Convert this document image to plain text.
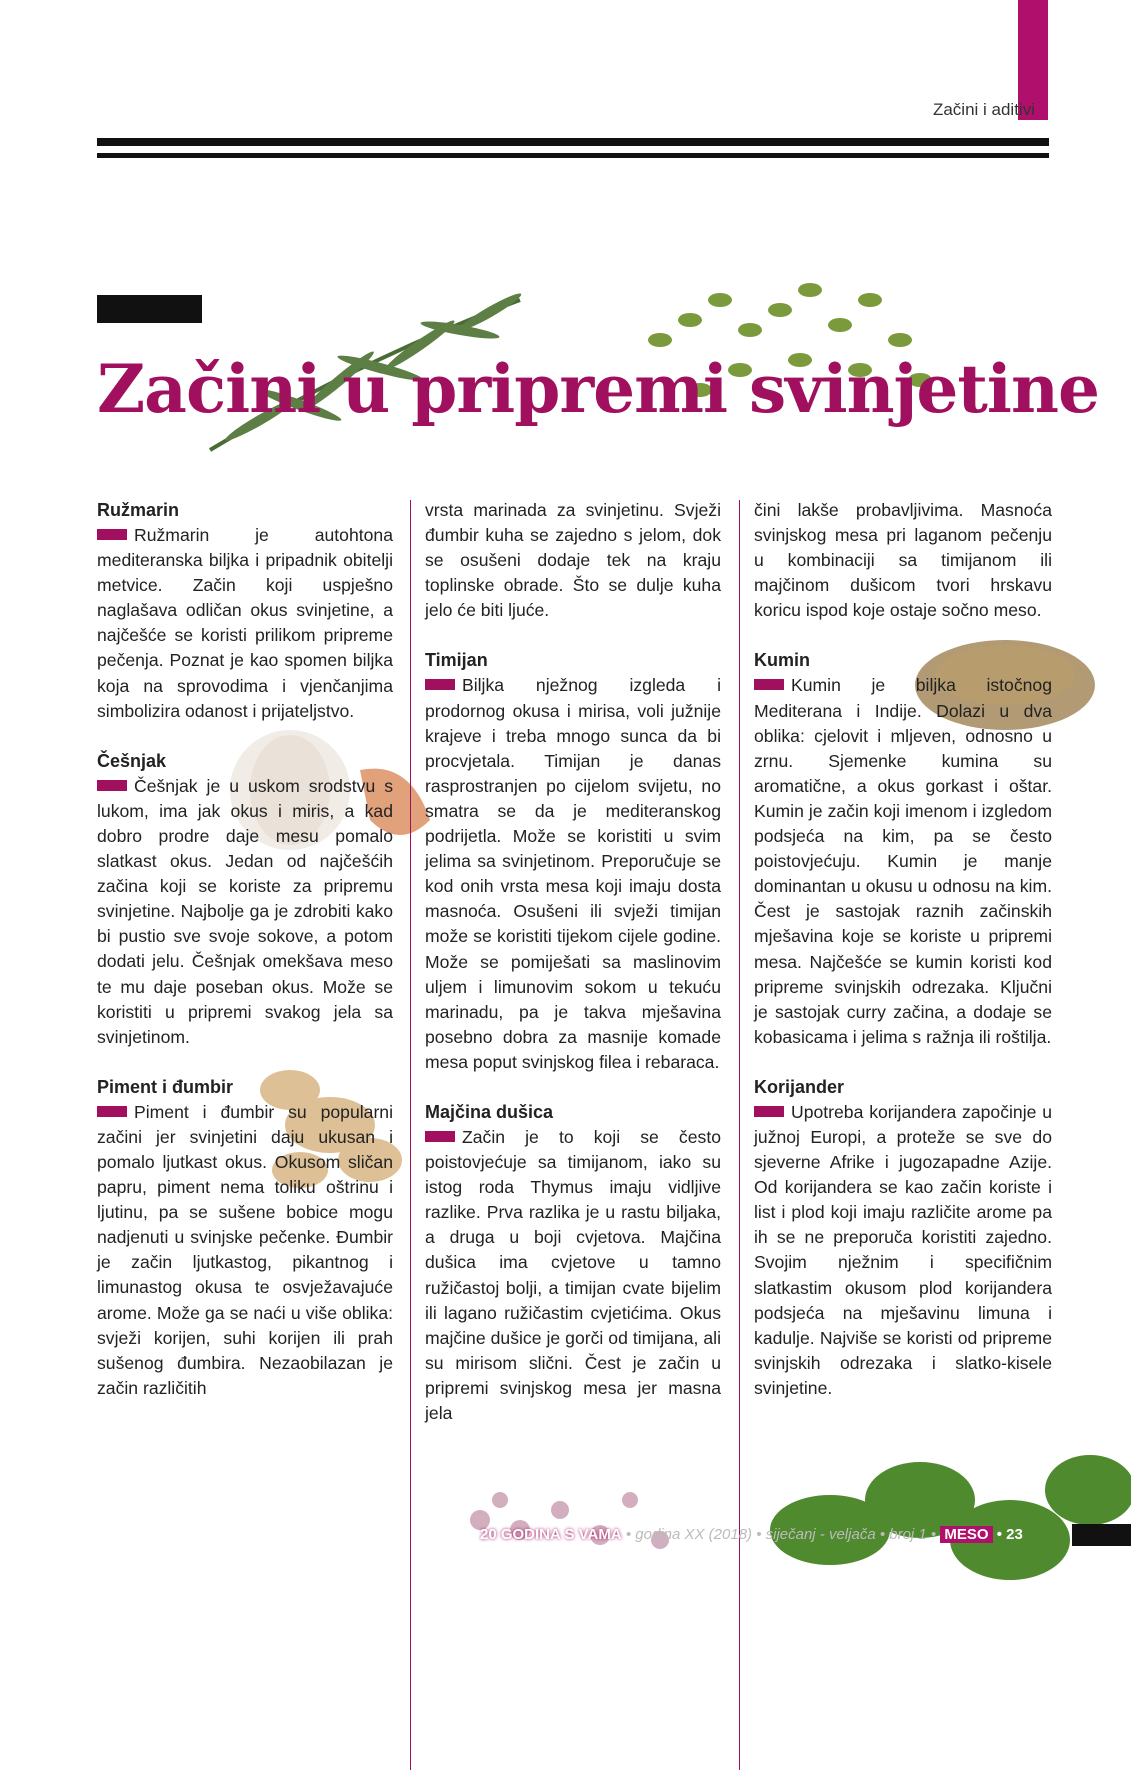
Začini i aditivi
Začini u pripremi svinjetine
Ružmarin

Ružmarin je autohtona mediteranska biljka i pripadnik obitelji metvice. Začin koji uspješno naglašava odličan okus svinjetine, a najčešće se koristi prilikom pripreme pečenja. Poznat je kao spomen biljka koja na sprovodima i vjenčanjima simbolizira odanost i prijateljstvo.

Češnjak

Češnjak je u uskom srodstvu s lukom, ima jak okus i miris, a kad dobro prodre daje mesu pomalo slatkast okus. Jedan od najčešćih začina koji se koriste za pripremu svinjetine. Najbolje ga je zdrobiti kako bi pustio sve svoje sokove, a potom dodati jelu. Češnjak omekšava meso te mu daje poseban okus. Može se koristiti u pripremi svakog jela sa svinjetinom.

Piment i đumbir

Piment i đumbir su popularni začini jer svinjetini daju ukusan i pomalo ljutkast okus. Okusom sličan papru, piment nema toliku oštrinu i ljutinu, pa se sušene bobice mogu nadjenuti u svinjske pečenke. Đumbir je začin ljutkastog, pikantnog i limunastog okusa te osvježavajuće arome. Može ga se naći u više oblika: svježi korijen, suhi korijen ili prah sušenog đumbira. Nezaobilazan je začin različitih

vrsta marinada za svinjetinu. Svježi đumbir kuha se zajedno s jelom, dok se osušeni dodaje tek na kraju toplinske obrade. Što se dulje kuha jelo će biti ljuće.

Timijan

Biljka nježnog izgleda i prodornog okusa i mirisa, voli južnije krajeve i treba mnogo sunca da bi procvjetala. Timijan je danas rasprostranjen po cijelom svijetu, no smatra se da je mediteranskog podrijetla. Može se koristiti u svim jelima sa svinjetinom. Preporučuje se kod onih vrsta mesa koji imaju dosta masnoća. Osušeni ili svježi timijan može se koristiti tijekom cijele godine. Može se pomiješati sa maslinovim uljem i limunovim sokom u tekuću marinadu, pa je takva mješavina posebno dobra za masnije komade mesa poput svinjskog filea i rebaraca.

Majčina dušica

Začin je to koji se često poistovjećuje sa timijanom, iako su istog roda Thymus imaju vidljive razlike. Prva razlika je u rastu biljaka, a druga u boji cvjetova. Majčina dušica ima cvjetove u tamno ružičastoj bolji, a timijan cvate bijelim ili lagano ružičastim cvjetićima. Okus majčine dušice je gorči od timijana, ali su mirisom slični. Čest je začin u pripremi svinjskog mesa jer masna jela

čini lakše probavljivima. Masnoća svinjskog mesa pri laganom pečenju u kombinaciji sa timijanom ili majčinom dušicom tvori hrskavu koricu ispod koje ostaje sočno meso.

Kumin

Kumin je biljka istočnog Mediterana i Indije. Dolazi u dva oblika: cjelovit i mljeven, odnosno u zrnu. Sjemenke kumina su aromatične, a okus gorkast i oštar. Kumin je začin koji imenom i izgledom podsjeća na kim, pa se često poistovjećuju. Kumin je manje dominantan u okusu u odnosu na kim. Čest je sastojak raznih začinskih mješavina koje se koriste u pripremi mesa. Najčešće se kumin koristi kod pripreme svinjskih odrezaka. Ključni je sastojak curry začina, a dodaje se kobasicama i jelima s ražnja ili roštilja.

Korijander

Upotreba korijandera započinje u južnoj Europi, a proteže se sve do sjeverne Afrike i jugozapadne Azije. Od korijandera se kao začin koriste i list i plod koji imaju različite arome pa ih se ne preporuča koristiti zajedno. Svojim nježnim i specifičnim slatkastim okusom plod korijandera podsjeća na mješavinu limuna i kadulje. Najviše se koristi od pripreme svinjskih odrezaka i slatko-kisele svinjetine.

20 GODINA S VAMA • godina XX (2018) • siječanj - veljača • broj 1 • MESO • 23
